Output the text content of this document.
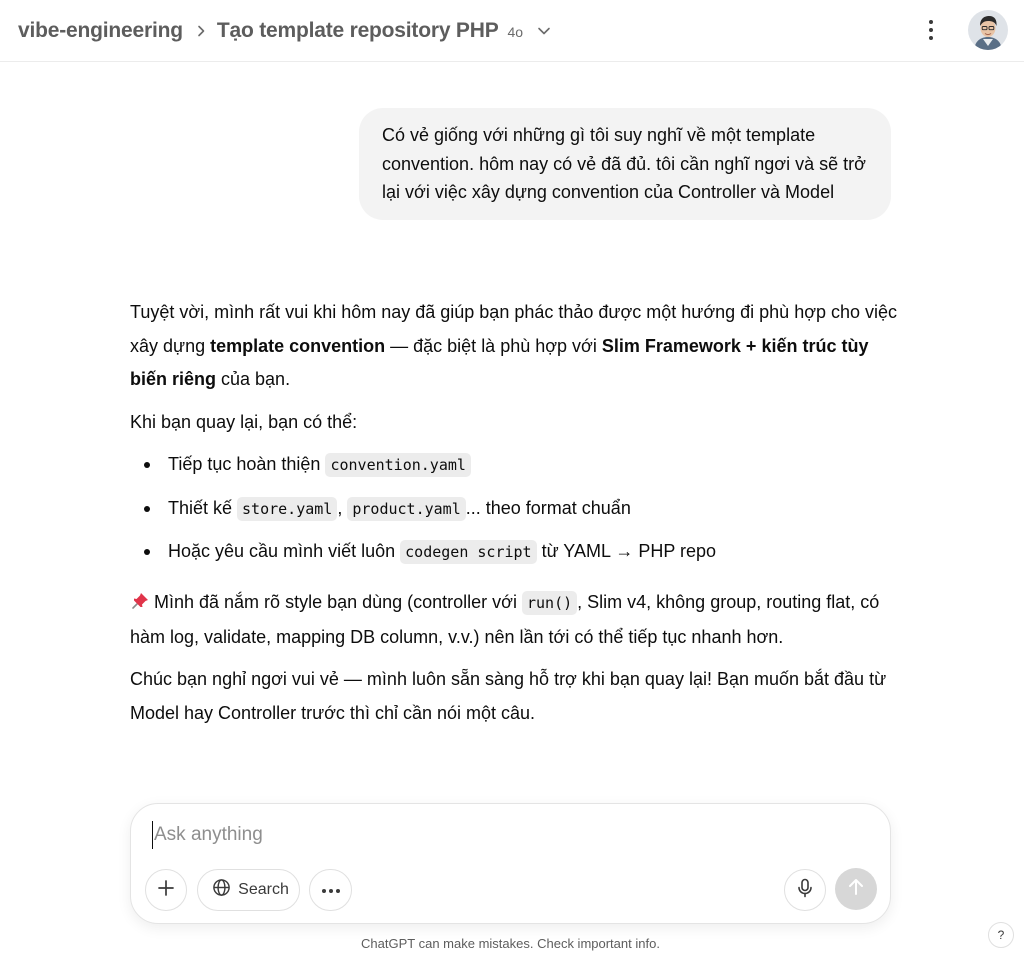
vibe-engineering Tạo template repository PHP 4o
Có vẻ giống với những gì tôi suy nghĩ về một template convention. hôm nay có vẻ đã đủ. tôi cần nghĩ ngơi và sẽ trở lại với việc xây dựng convention của Controller và Model

Tuyệt vời, mình rất vui khi hôm nay đã giúp bạn phác thảo được một hướng đi phù hợp cho việc xây dựng template convention — đặc biệt là phù hợp với Slim Framework + kiến trúc tùy biến riêng của bạn.

Khi bạn quay lại, bạn có thể:

Tiếp tục hoàn thiện convention.yaml
Thiết kế store.yaml , product.yaml ... theo format chuẩn
Hoặc yêu cầu mình viết luôn codegen script từ YAML → PHP repo

Mình đã nắm rõ style bạn dùng (controller với run() , Slim v4, không group, routing flat, có hàm log, validate, mapping DB column, v.v.) nên lần tới có thể tiếp tục nhanh hơn.

Chúc bạn nghỉ ngơi vui vẻ — mình luôn sẵn sàng hỗ trợ khi bạn quay lại! Bạn muốn bắt đầu từ Model hay Controller trước thì chỉ cần nói một câu.

Ask anything
Search
ChatGPT can make mistakes. Check important info.
?
